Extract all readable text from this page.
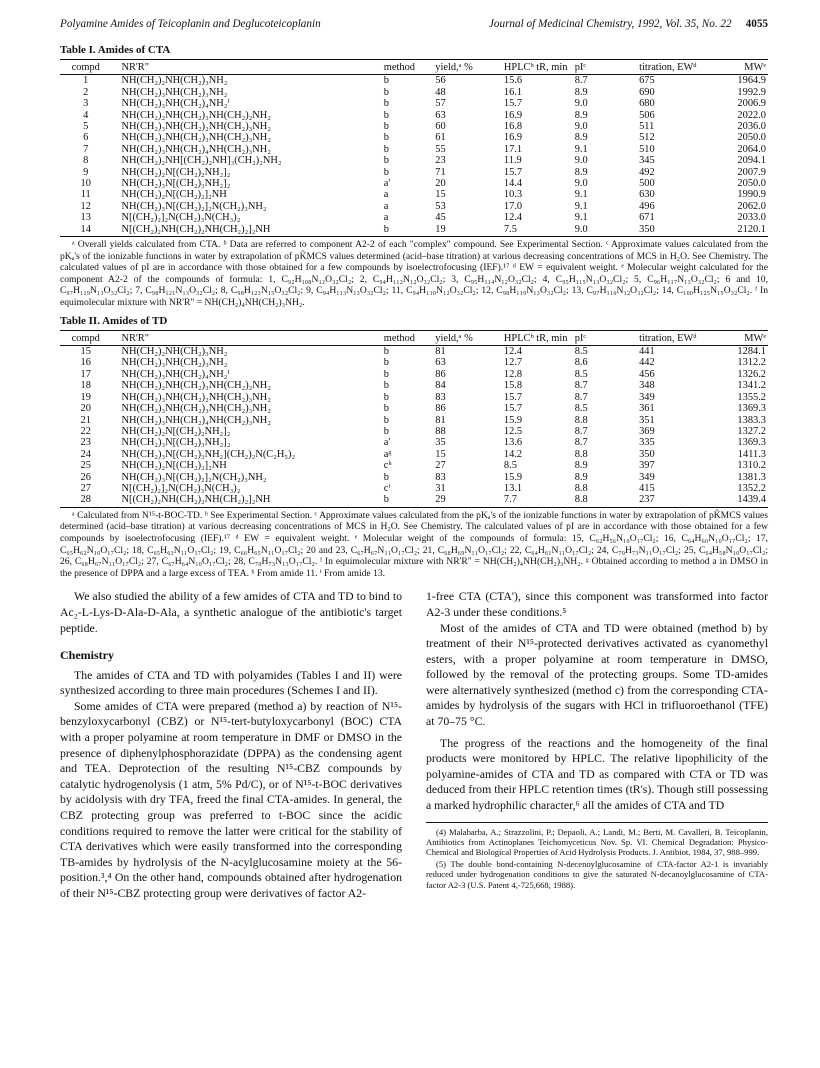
Polyamine Amides of Teicoplanin and Deglucoteicoplanin	Journal of Medicinal Chemistry, 1992, Vol. 35, No. 22 4055
Table I. Amides of CTA
compd	NR'R"	method	yield,ᵃ %	HPLCᵇ tR, min	pIᶜ	titration, EWᵈ	MWᵉ
1	NH(CH₂)₂NH(CH₂)₃NH₂	b	56	15.6	8.7	675	1964.9
2	NH(CH₂)₃NH(CH₂)₃NH₂	b	48	16.1	8.9	690	1992.9
3	NH(CH₂)₃NH(CH₂)₄NH₂ᶠ	b	57	15.7	9.0	680	2006.9
4	NH(CH₂)₂NH(CH₂)₃NH(CH₂)₂NH₂	b	63	16.9	8.9	506	2022.0
5	NH(CH₂)₃NH(CH₂)₂NH(CH₂)₃NH₂	b	60	16.8	9.0	511	2036.0
6	NH(CH₂)₃NH(CH₂)₃NH(CH₂)₃NH₂	b	61	16.9	8.9	512	2050.0
7	NH(CH₂)₃NH(CH₂)₄NH(CH₂)₃NH₂	b	55	17.1	9.1	510	2064.0
8	NH(CH₂)₂NH[(CH₂)₂NH]₃(CH₂)₂NH₂	b	23	11.9	9.0	345	2094.1
9	NH(CH₂)₂N[(CH₂)₂NH₂]₂	b	71	15.7	8.9	492	2007.9
10	NH(CH₂)₃N[(CH₂)₃NH₂]₂	a'	20	14.4	9.0	500	2050.0
11	NH(CH₂)₂N[(CH₂)₂]₂NH	a	15	10.3	9.1	630	1990.9
12	NH(CH₂)₃N[(CH₂)₂]₂N(CH₂)₃NH₂	a	53	17.0	9.1	496	2062.0
13	N[(CH₂)₂]₂N(CH₂)₃N(CH₃)₂	a	45	12.4	9.1	671	2033.0
14	N[(CH₂)₂NH(CH₂)₂NH(CH₂)₂]₂NH	b	19	7.5	9.0	350	2120.1

ᵃ Overall yields calculated from CTA. ᵇ Data are referred to component A2-2 of each "complex" compound. See Experimental Section. ᶜ Approximate values calculated from the pKₐ's of the ionizable functions in water by extrapolation of pK̃MCS values determined (acid–base titration) at various decreasing concentrations of MCS in H₂O. See Chemistry. The calculated values of pI are in accordance with those obtained for a few compounds by isoelectrofocusing (IEF).¹⁷ ᵈ EW = equivalent weight. ᵉ Molecular weight calculated for the component A2-2 of the compounds of formula: 1, C₉₂H₁₀₈N₁₂O₃₂Cl₂; 2, C₉₄H₁₁₂N₁₂O₃₂Cl₂; 3, C₉₅H₁₁₄N₁₂O₃₂Cl₂; 4, C₉₅H₁₁₅N₁₃O₃₂Cl₂; 5, C₉₆H₁₁₇N₁₃O₃₂Cl₂; 6 and 10, C₉₇H₁₁₉N₁₃O₃₂Cl₂; 7, C₉₈H₁₂₁N₁₃O₃₂Cl₂; 8, C₉₈H₁₂₃N₁₅O₃₂Cl₂; 9, C₉₄H₁₁₃N₁₃O₃₂Cl₂; 11, C₉₄H₁₁₀N₁₂O₃₂Cl₂; 12, C₉₈H₁₁₉N₁₃O₃₂Cl₂; 13, C₉₇H₁₁₆N₁₂O₃₂Cl₂; 14, C₁₀₀H₁₂₅N₁₅O₃₂Cl₂. ᶠ In equimolecular mixture with NR'R" = NH(CH₂)₄NH(CH₂)₃NH₂.

Table II. Amides of TD
compd	NR'R"	method	yield,ᵃ %	HPLCᵇ tR, min	pIᶜ	titration, EWᵈ	MWᵉ
15	NH(CH₂)₂NH(CH₂)₃NH₂	b	81	12.4	8.5	441	1284.1
16	NH(CH₂)₃NH(CH₂)₃NH₂	b	63	12.7	8.6	442	1312.2
17	NH(CH₂)₃NH(CH₂)₄NH₂ᶠ	b	86	12.8	8.5	456	1326.2
18	NH(CH₂)₂NH(CH₂)₃NH(CH₂)₂NH₂	b	84	15.8	8.7	348	1341.2
19	NH(CH₂)₃NH(CH₂)₂NH(CH₂)₃NH₂	b	83	15.7	8.7	349	1355.2
20	NH(CH₂)₃NH(CH₂)₃NH(CH₂)₃NH₂	b	86	15.7	8.5	361	1369.3
21	NH(CH₂)₃NH(CH₂)₄NH(CH₂)₃NH₂	b	81	15.9	8.8	351	1383.3
22	NH(CH₂)₂N[(CH₂)₂NH₂]₂	b	88	12.5	8.7	369	1327.2
23	NH(CH₂)₃N[(CH₂)₃NH₂]₂	a'	35	13.6	8.7	335	1369.3
24	NH(CH₂)₃N[(CH₂)₃NH₂](CH₂)₂N(C₂H₅)₂	aᵍ	15	14.2	8.8	350	1411.3
25	NH(CH₂)₂N[(CH₂)₂]₂NH	cʰ	27	8.5	8.9	397	1310.2
26	NH(CH₂)₃N[(CH₂)₂]₂N(CH₂)₃NH₂	b	83	15.9	8.9	349	1381.3
27	N[(CH₂)₂]₂N(CH₂)₃N(CH₃)₂	cⁱ	31	13.1	8.8	415	1352.2
28	N[(CH₂)₂NH(CH₂)₂NH(CH₂)₂]₂NH	b	29	7.7	8.8	237	1439.4

ᵃ Calculated from N¹⁵-t-BOC-TD. ᵇ See Experimental Section. ᶜ Approximate values calculated from the pKₐ's of the ionizable functions in water by extrapolation of pK̃MCS values determined (acid–base titration) at various decreasing concentrations of MCS in H₂O. See Chemistry. The calculated values of pI are in accordance with those obtained for a few compounds by isoelectrofocusing (IEF).¹⁷ ᵈ EW = equivalent weight. ᵉ Molecular weight of the compounds of formula: 15, C₆₂H₅₆N₁₀O₁₇Cl₂; 16, C₆₄H₆₀N₁₀O₁₇Cl₂; 17, C₆₅H₆₂N₁₀O₁₇Cl₂; 18, C₆₅H₆₃N₁₁O₁₇Cl₂; 19, C₆₆H₆₅N₁₁O₁₇Cl₂; 20 and 23, C₆₇H₆₇N₁₁O₁₇Cl₂; 21, C₆₈H₆₉N₁₁O₁₇Cl₂; 22, C₆₄H₆₁N₁₁O₁₇Cl₂; 24, C₇₀H₇₃N₁₁O₁₇Cl₂; 25, C₆₄H₅₈N₁₀O₁₇Cl₂; 26, C₆₈H₆₇N₁₁O₁₇Cl₂; 27, C₆₇H₆₄N₁₀O₁₇Cl₂; 28, C₇₀H₇₃N₁₃O₁₇Cl₂. ᶠ In equimolecular mixture with NR'R" = NH(CH₂)₄NH(CH₂)₃NH₂. ᵍ Obtained according to method a in DMSO in the presence of DPPA and a large excess of TEA. ʰ From amide 11. ⁱ From amide 13.

We also studied the ability of a few amides of CTA and TD to bind to Ac₂-L-Lys-D-Ala-D-Ala, a synthetic analogue of the antibiotic's target peptide.

Chemistry

The amides of CTA and TD with polyamides (Tables I and II) were synthesized according to three main procedures (Schemes I and II).

Some amides of CTA were prepared (method a) by reaction of N¹⁵-benzyloxycarbonyl (CBZ) or N¹⁵-tert-butyloxycarbonyl (BOC) CTA with a proper polyamine at room temperature in DMF or DMSO in the presence of diphenylphosphorazidate (DPPA) as the condensing agent and TEA. Deprotection of the resulting N¹⁵-CBZ compounds by catalytic hydrogenolysis (1 atm, 5% Pd/C), or of N¹⁵-t-BOC derivatives by acidolysis with dry TFA, freed the final CTA-amides. In general, the CBZ protecting group was preferred to t-BOC since the acidic conditions required to remove the latter were critical for the stability of CTA derivatives which were easily transformed into the corresponding TB-amides by hydrolysis of the N-acylglucosamine moiety at the 56-position.³,⁴ On the other hand, compounds obtained after hydrogenation of their N¹⁵-CBZ protecting group were derivatives of factor A2-

1-free CTA (CTA'), since this component was transformed into factor A2-3 under these conditions.⁵

Most of the amides of CTA and TD were obtained (method b) by treatment of their N¹⁵-protected derivatives activated as cyanomethyl esters, with a proper polyamine at room temperature in DMSO, followed by the removal of the protecting groups. Some TD-amides were alternatively synthesized (method c) from the corresponding CTA-amides by hydrolysis of the sugars with HCl in trifluoroethanol (TFE) at 70–75 °C.

The progress of the reactions and the homogeneity of the final products were monitored by HPLC. The relative lipophilicity of the polyamine-amides of CTA and TD as compared with CTA or TD was deduced from their HPLC retention times (tR's). Though still possessing a marked hydrophilic character,⁶ all the amides of CTA and TD

(4) Malabarba, A.; Strazzolini, P.; Depaoli, A.; Landi, M.; Berti, M. Cavalleri, B. Teicoplanin, Antibiotics from Actinoplanes Teichomyceticus Nov. Sp. VI. Chemical Degradation: Physico-Chemical and Biological Properties of Acid Hydrolysis Products. J. Antibiot. 1984, 37, 988–999.

(5) The double bond-containing N-decenoylglucosamine of CTA-factor A2-1 is invariably reduced under hydrogenation conditions to give the saturated N-decanoylglucosamine of CTA-factor A2-3 (U.S. Patent 4,-725,668, 1988).
